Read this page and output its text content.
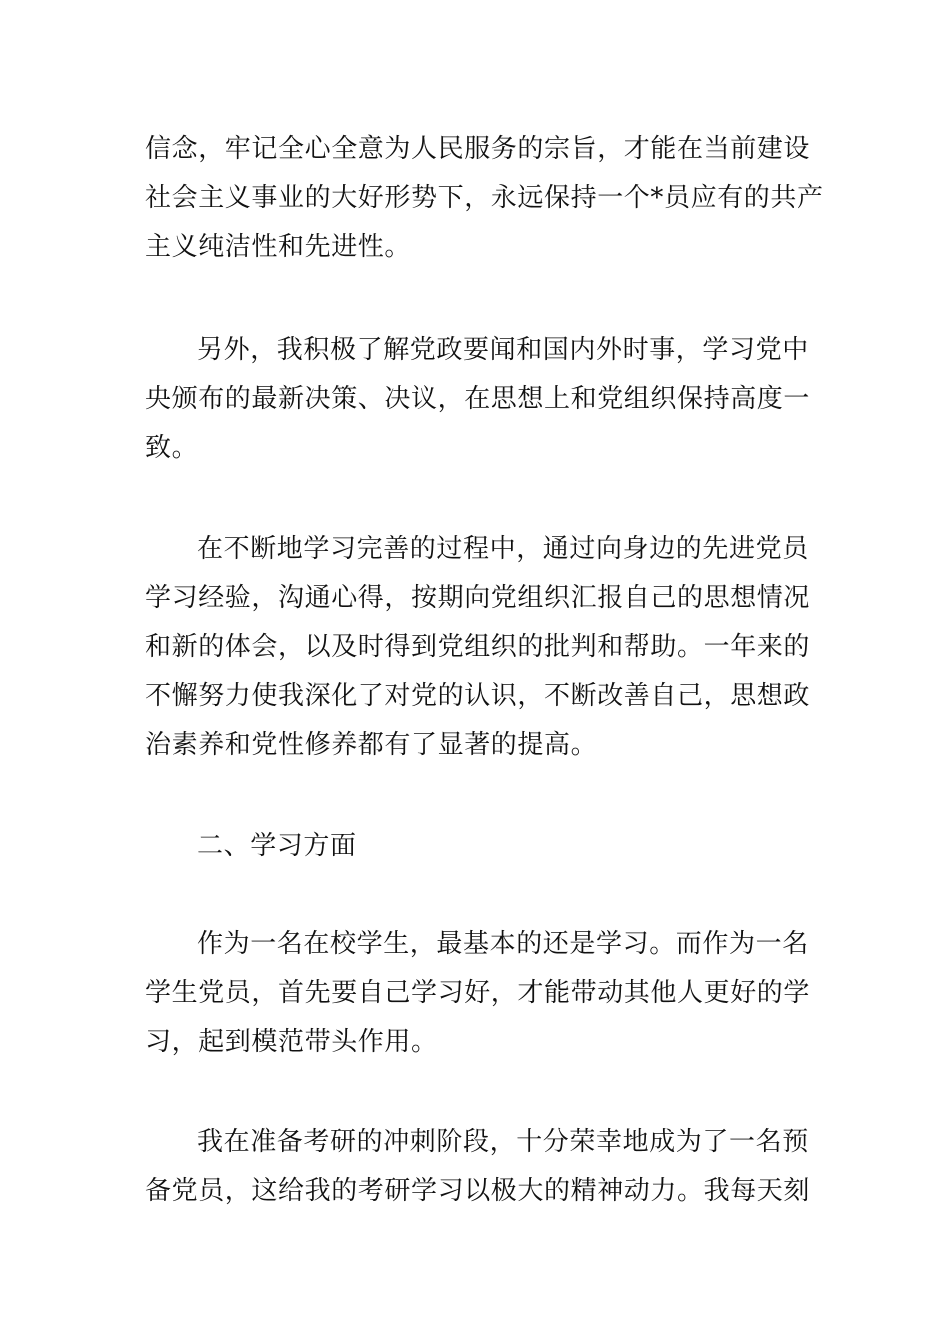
信念，牢记全心全意为人民服务的宗旨，才能在当前建设
社会主义事业的大好形势下，永远保持一个*员应有的共产
主义纯洁性和先进性。

另外，我积极了解党政要闻和国内外时事，学习党中
央颁布的最新决策、决议，在思想上和党组织保持高度一
致。

在不断地学习完善的过程中，通过向身边的先进党员
学习经验，沟通心得，按期向党组织汇报自己的思想情况
和新的体会，以及时得到党组织的批判和帮助。一年来的
不懈努力使我深化了对党的认识，不断改善自己，思想政
治素养和党性修养都有了显著的提高。

二、学习方面

作为一名在校学生，最基本的还是学习。而作为一名
学生党员，首先要自己学习好，才能带动其他人更好的学
习，起到模范带头作用。

我在准备考研的冲刺阶段，十分荣幸地成为了一名预
备党员，这给我的考研学习以极大的精神动力。我每天刻
